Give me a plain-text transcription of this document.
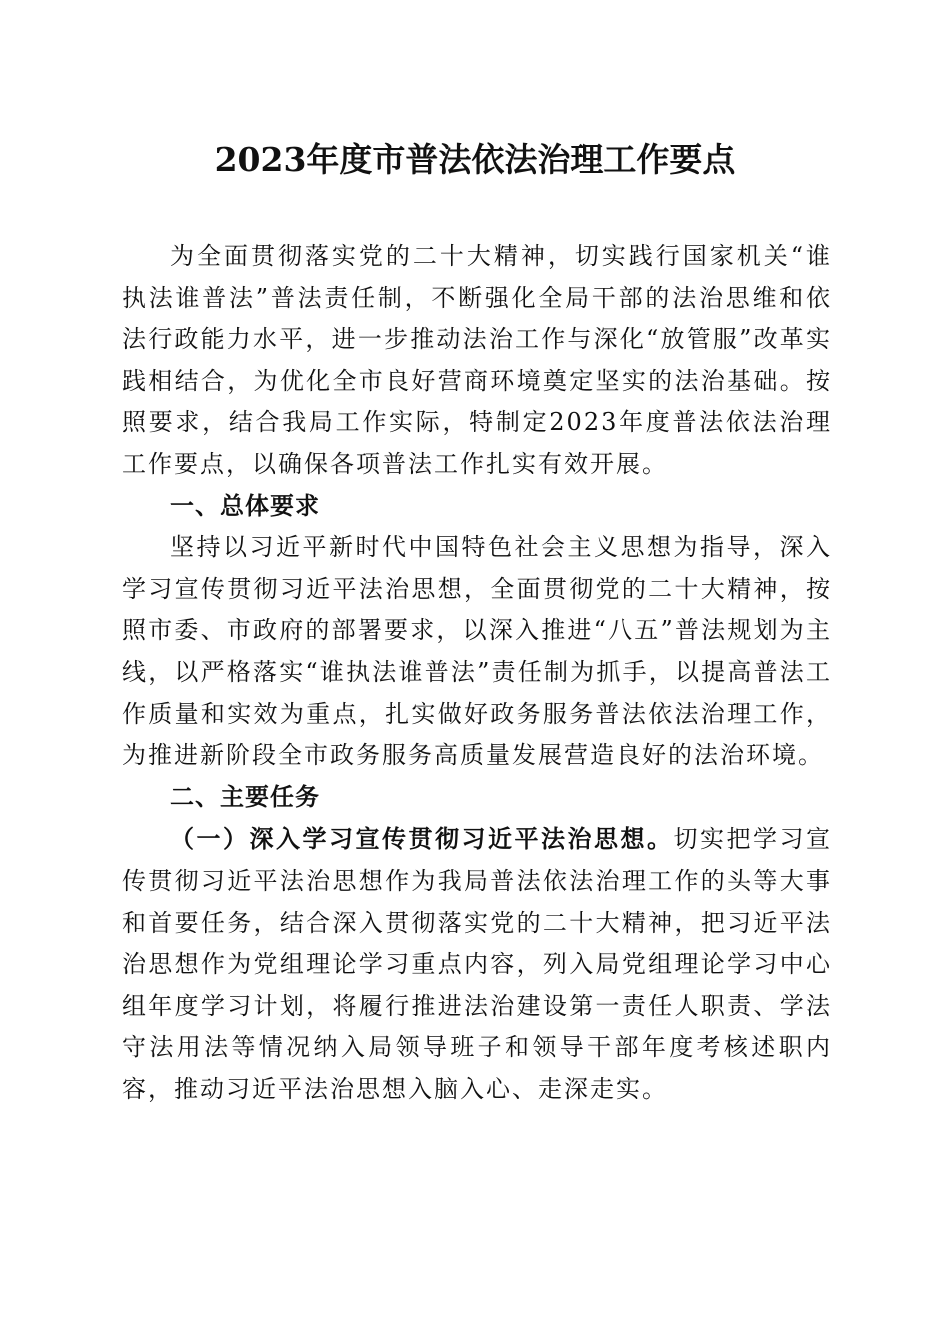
2023年度市普法依法治理工作要点

为全面贯彻落实党的二十大精神，切实践行国家机关“谁执法谁普法”普法责任制，不断强化全局干部的法治思维和依法行政能力水平，进一步推动法治工作与深化“放管服”改革实践相结合，为优化全市良好营商环境奠定坚实的法治基础。按照要求，结合我局工作实际，特制定2023年度普法依法治理工作要点，以确保各项普法工作扎实有效开展。

一、总体要求

坚持以习近平新时代中国特色社会主义思想为指导，深入学习宣传贯彻习近平法治思想，全面贯彻党的二十大精神，按照市委、市政府的部署要求，以深入推进“八五”普法规划为主线，以严格落实“谁执法谁普法”责任制为抓手，以提高普法工作质量和实效为重点，扎实做好政务服务普法依法治理工作，为推进新阶段全市政务服务高质量发展营造良好的法治环境。

二、主要任务

（一）深入学习宣传贯彻习近平法治思想。切实把学习宣传贯彻习近平法治思想作为我局普法依法治理工作的头等大事和首要任务，结合深入贯彻落实党的二十大精神，把习近平法治思想作为党组理论学习重点内容，列入局党组理论学习中心组年度学习计划，将履行推进法治建设第一责任人职责、学法守法用法等情况纳入局领导班子和领导干部年度考核述职内容，推动习近平法治思想入脑入心、走深走实。
